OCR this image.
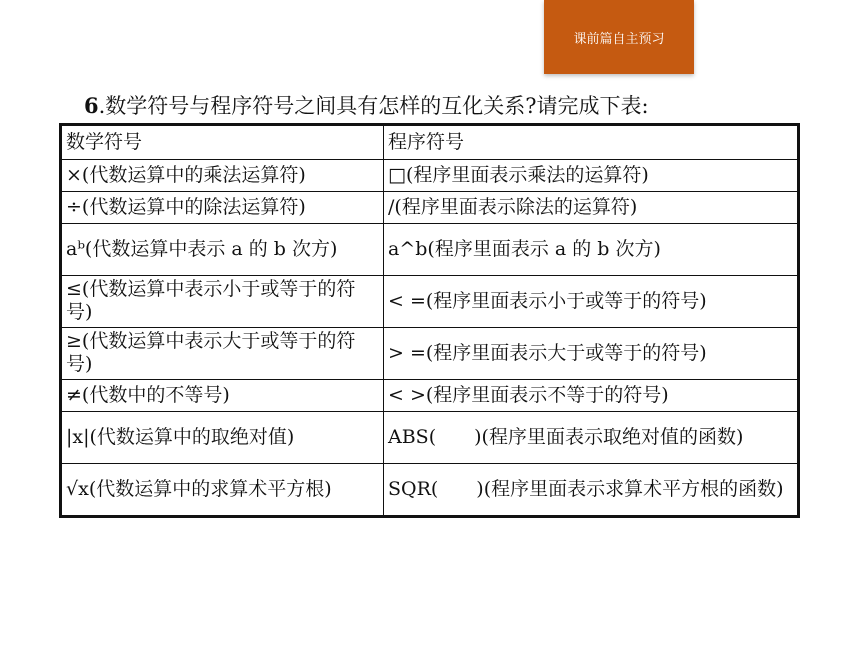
课前篇自主预习
6.数学符号与程序符号之间具有怎样的互化关系?请完成下表:
数学符号	程序符号
×(代数运算中的乘法运算符)	□(程序里面表示乘法的运算符)
÷(代数运算中的除法运算符)	/(程序里面表示除法的运算符)
aᵇ(代数运算中表示 a 的 b 次方)	a^b(程序里面表示 a 的 b 次方)
≤(代数运算中表示小于或等于的符号)	< =(程序里面表示小于或等于的符号)
≥(代数运算中表示大于或等于的符号)	> =(程序里面表示大于或等于的符号)
≠(代数中的不等号)	< >(程序里面表示不等于的符号)
|x|(代数运算中的取绝对值)	ABS(　　)(程序里面表示取绝对值的函数)
√x(代数运算中的求算术平方根)	SQR(　　)(程序里面表示求算术平方根的函数)
